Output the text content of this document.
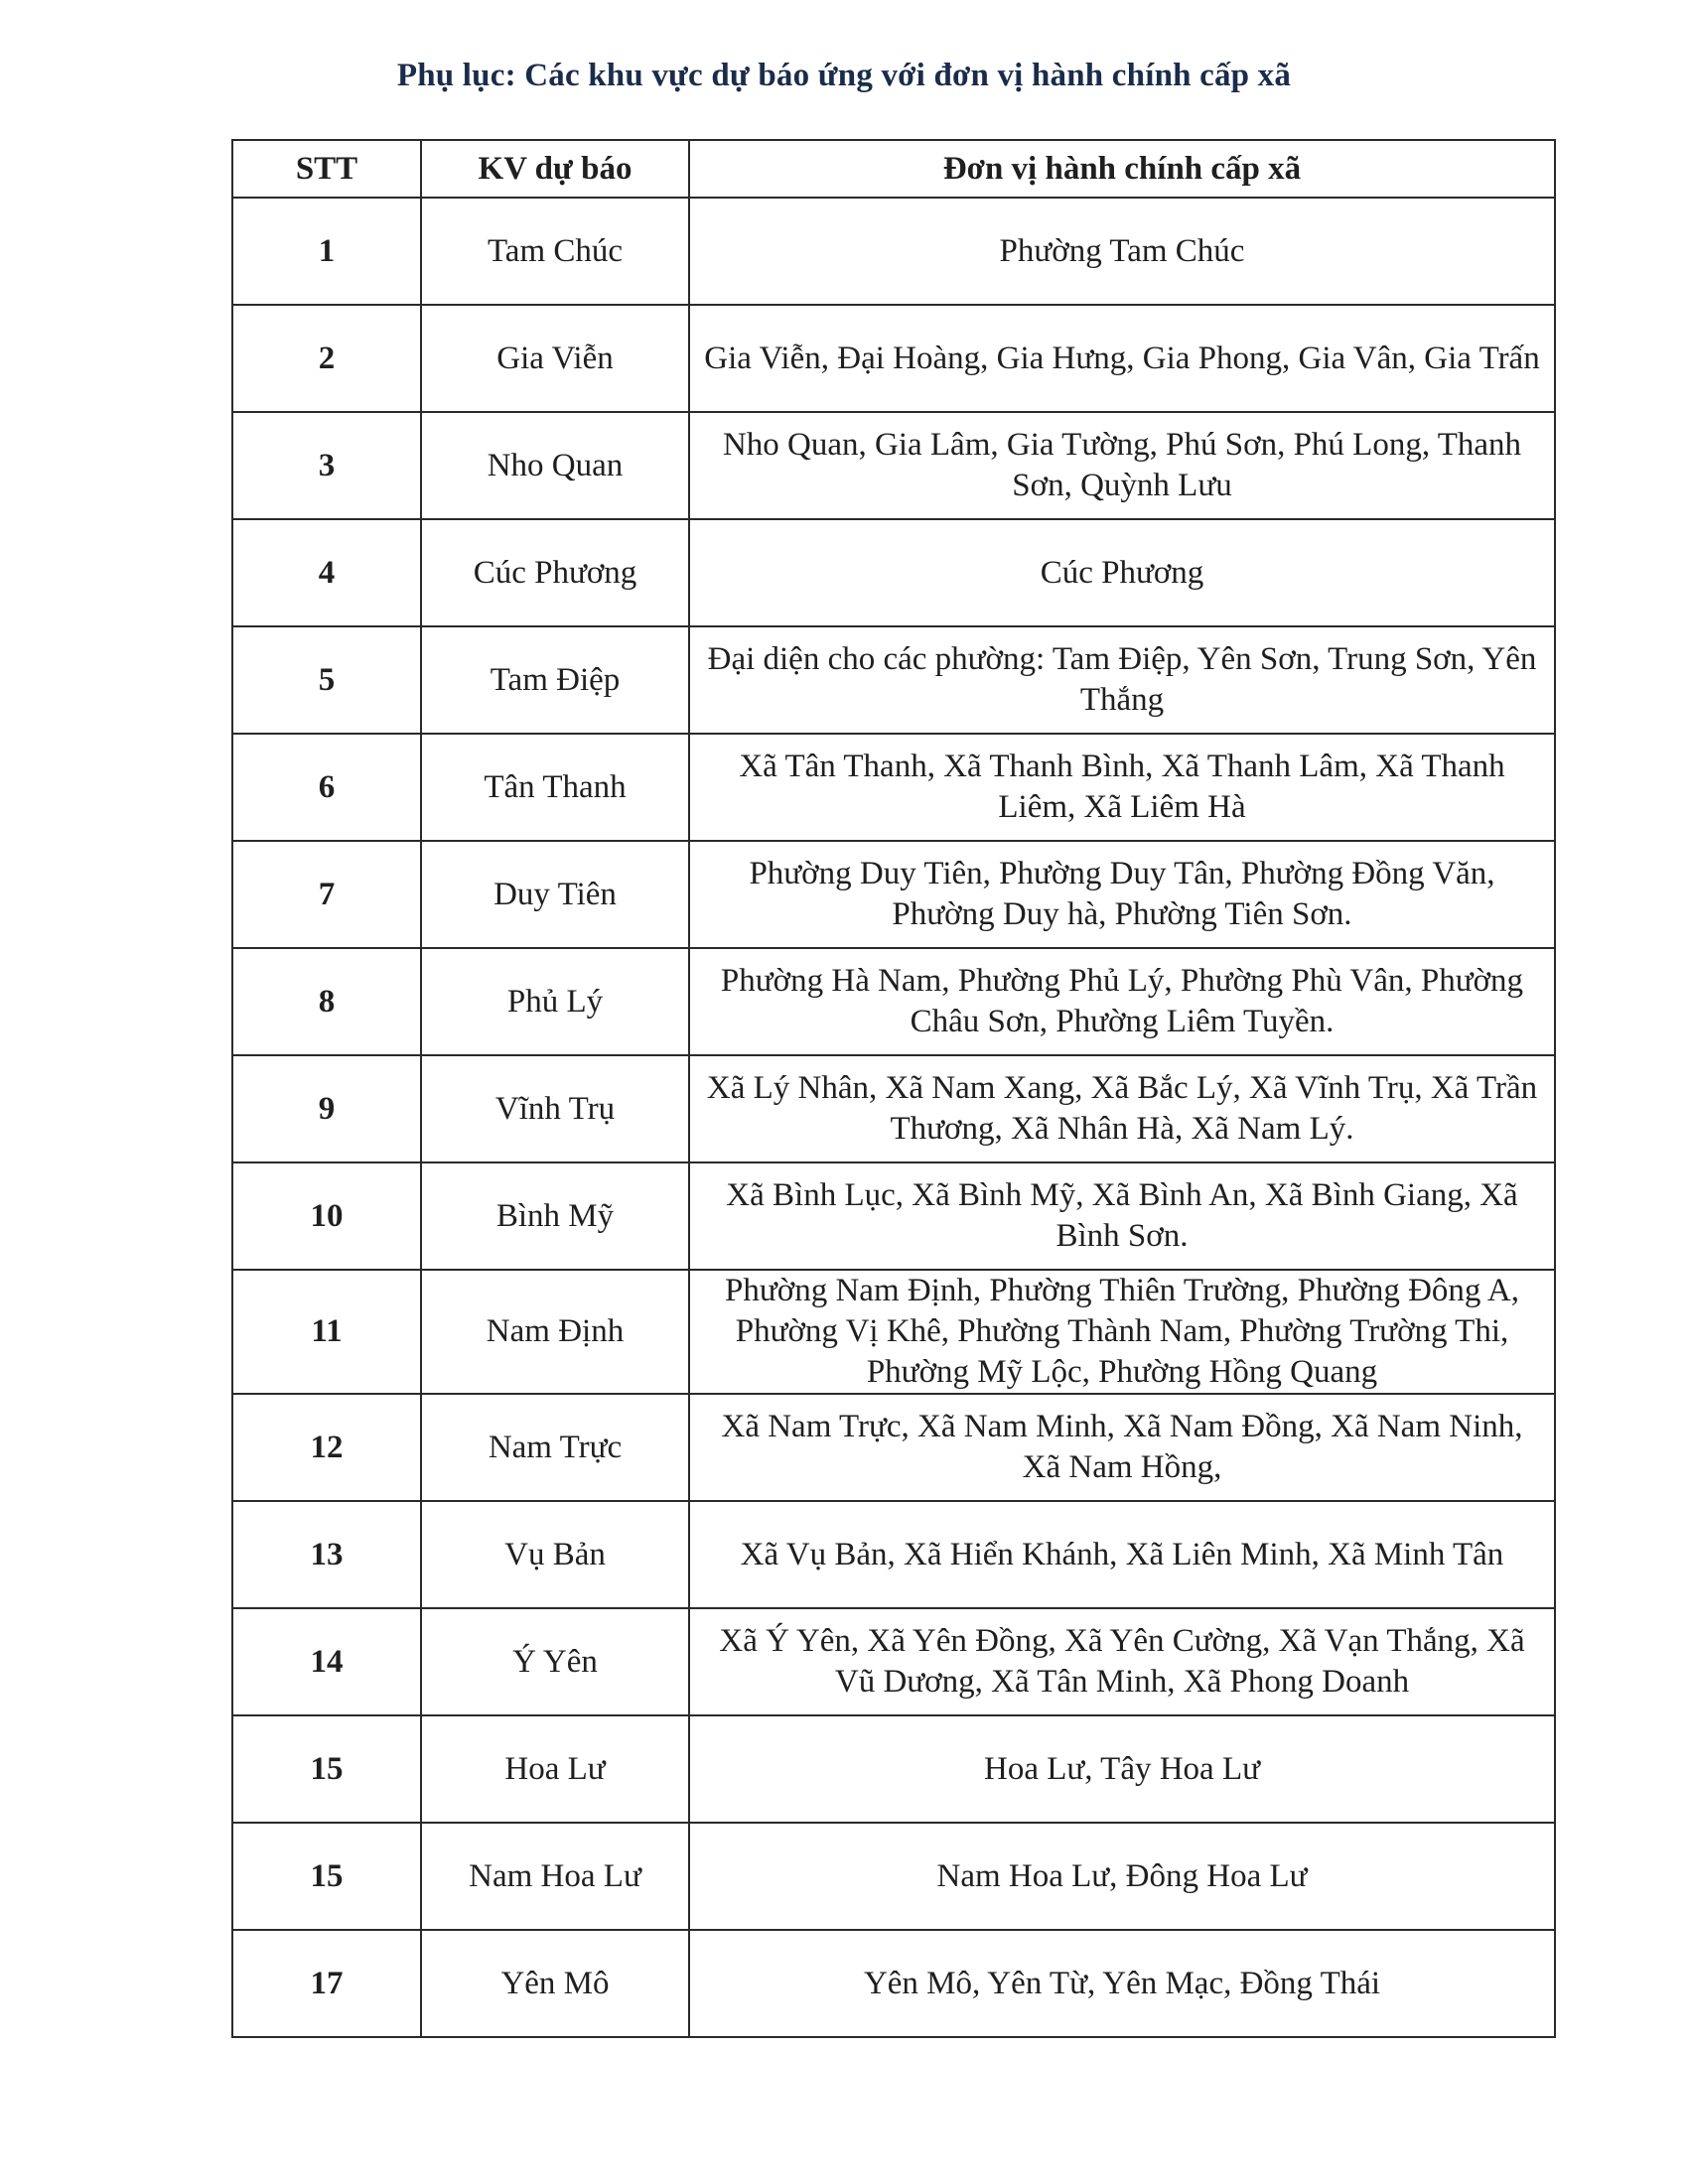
Phụ lục: Các khu vực dự báo ứng với đơn vị hành chính cấp xã
STT	KV dự báo	Đơn vị hành chính cấp xã
1	Tam Chúc	Phường Tam Chúc
2	Gia Viễn	Gia Viễn, Đại Hoàng, Gia Hưng, Gia Phong, Gia Vân, Gia Trấn
3	Nho Quan	Nho Quan, Gia Lâm, Gia Tường, Phú Sơn, Phú Long, Thanh Sơn, Quỳnh Lưu
4	Cúc Phương	Cúc Phương
5	Tam Điệp	Đại diện cho các phường: Tam Điệp, Yên Sơn, Trung Sơn, Yên Thắng
6	Tân Thanh	Xã Tân Thanh, Xã Thanh Bình, Xã Thanh Lâm, Xã Thanh Liêm, Xã Liêm Hà
7	Duy Tiên	Phường Duy Tiên, Phường Duy Tân, Phường Đồng Văn, Phường Duy hà, Phường Tiên Sơn.
8	Phủ Lý	Phường Hà Nam, Phường Phủ Lý, Phường Phù Vân, Phường Châu Sơn, Phường Liêm Tuyền.
9	Vĩnh Trụ	Xã Lý Nhân, Xã Nam Xang, Xã Bắc Lý, Xã Vĩnh Trụ, Xã Trần Thương, Xã Nhân Hà, Xã Nam Lý.
10	Bình Mỹ	Xã Bình Lục, Xã Bình Mỹ, Xã Bình An, Xã Bình Giang, Xã Bình Sơn.
11	Nam Định	Phường Nam Định, Phường Thiên Trường, Phường Đông A, Phường Vị Khê, Phường Thành Nam, Phường Trường Thi, Phường Mỹ Lộc, Phường Hồng Quang
12	Nam Trực	Xã Nam Trực, Xã Nam Minh, Xã Nam Đồng, Xã Nam Ninh, Xã Nam Hồng,
13	Vụ Bản	Xã Vụ Bản, Xã Hiển Khánh, Xã Liên Minh, Xã Minh Tân
14	Ý Yên	Xã Ý Yên, Xã Yên Đồng, Xã Yên Cường, Xã Vạn Thắng, Xã Vũ Dương, Xã Tân Minh, Xã Phong Doanh
15	Hoa Lư	Hoa Lư, Tây Hoa Lư
15	Nam Hoa Lư	Nam Hoa Lư, Đông Hoa Lư
17	Yên Mô	Yên Mô, Yên Từ, Yên Mạc, Đồng Thái
